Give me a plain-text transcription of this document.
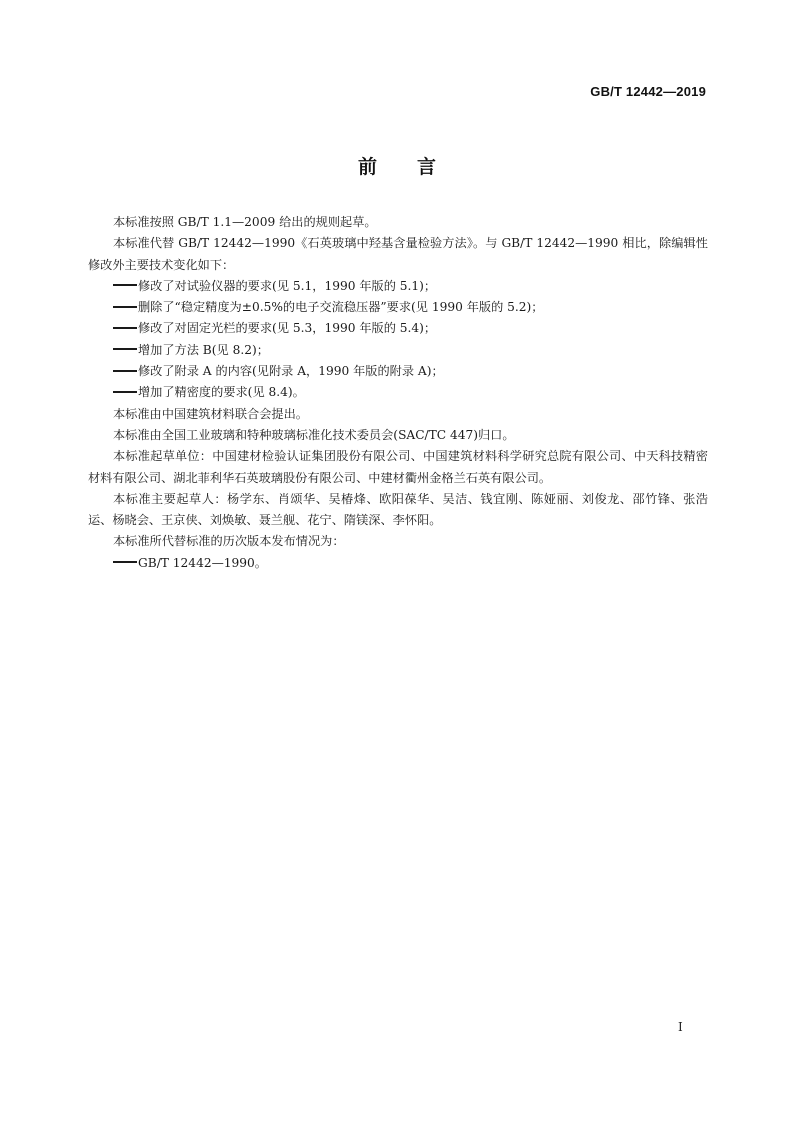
GB/T 12442—2019
前 言

本标准按照 GB/T 1.1—2009 给出的规则起草。

本标准代替 GB/T 12442—1990《石英玻璃中羟基含量检验方法》。与 GB/T 12442—1990 相比，除编辑性修改外主要技术变化如下：

修改了对试验仪器的要求(见 5.1，1990 年版的 5.1)；

删除了“稳定精度为±0.5%的电子交流稳压器”要求(见 1990 年版的 5.2)；

修改了对固定光栏的要求(见 5.3，1990 年版的 5.4)；

增加了方法 B(见 8.2)；

修改了附录 A 的内容(见附录 A，1990 年版的附录 A)；

增加了精密度的要求(见 8.4)。

本标准由中国建筑材料联合会提出。

本标准由全国工业玻璃和特种玻璃标准化技术委员会(SAC/TC 447)归口。

本标准起草单位：中国建材检验认证集团股份有限公司、中国建筑材料科学研究总院有限公司、中天科技精密材料有限公司、湖北菲利华石英玻璃股份有限公司、中建材衢州金格兰石英有限公司。

本标准主要起草人：杨学东、肖颂华、吴椿烽、欧阳葆华、吴洁、钱宜刚、陈娅丽、刘俊龙、邵竹锋、张浩运、杨晓会、王京侠、刘焕敏、聂兰舰、花宁、隋镁深、李怀阳。

本标准所代替标准的历次版本发布情况为：

GB/T 12442—1990。

I
